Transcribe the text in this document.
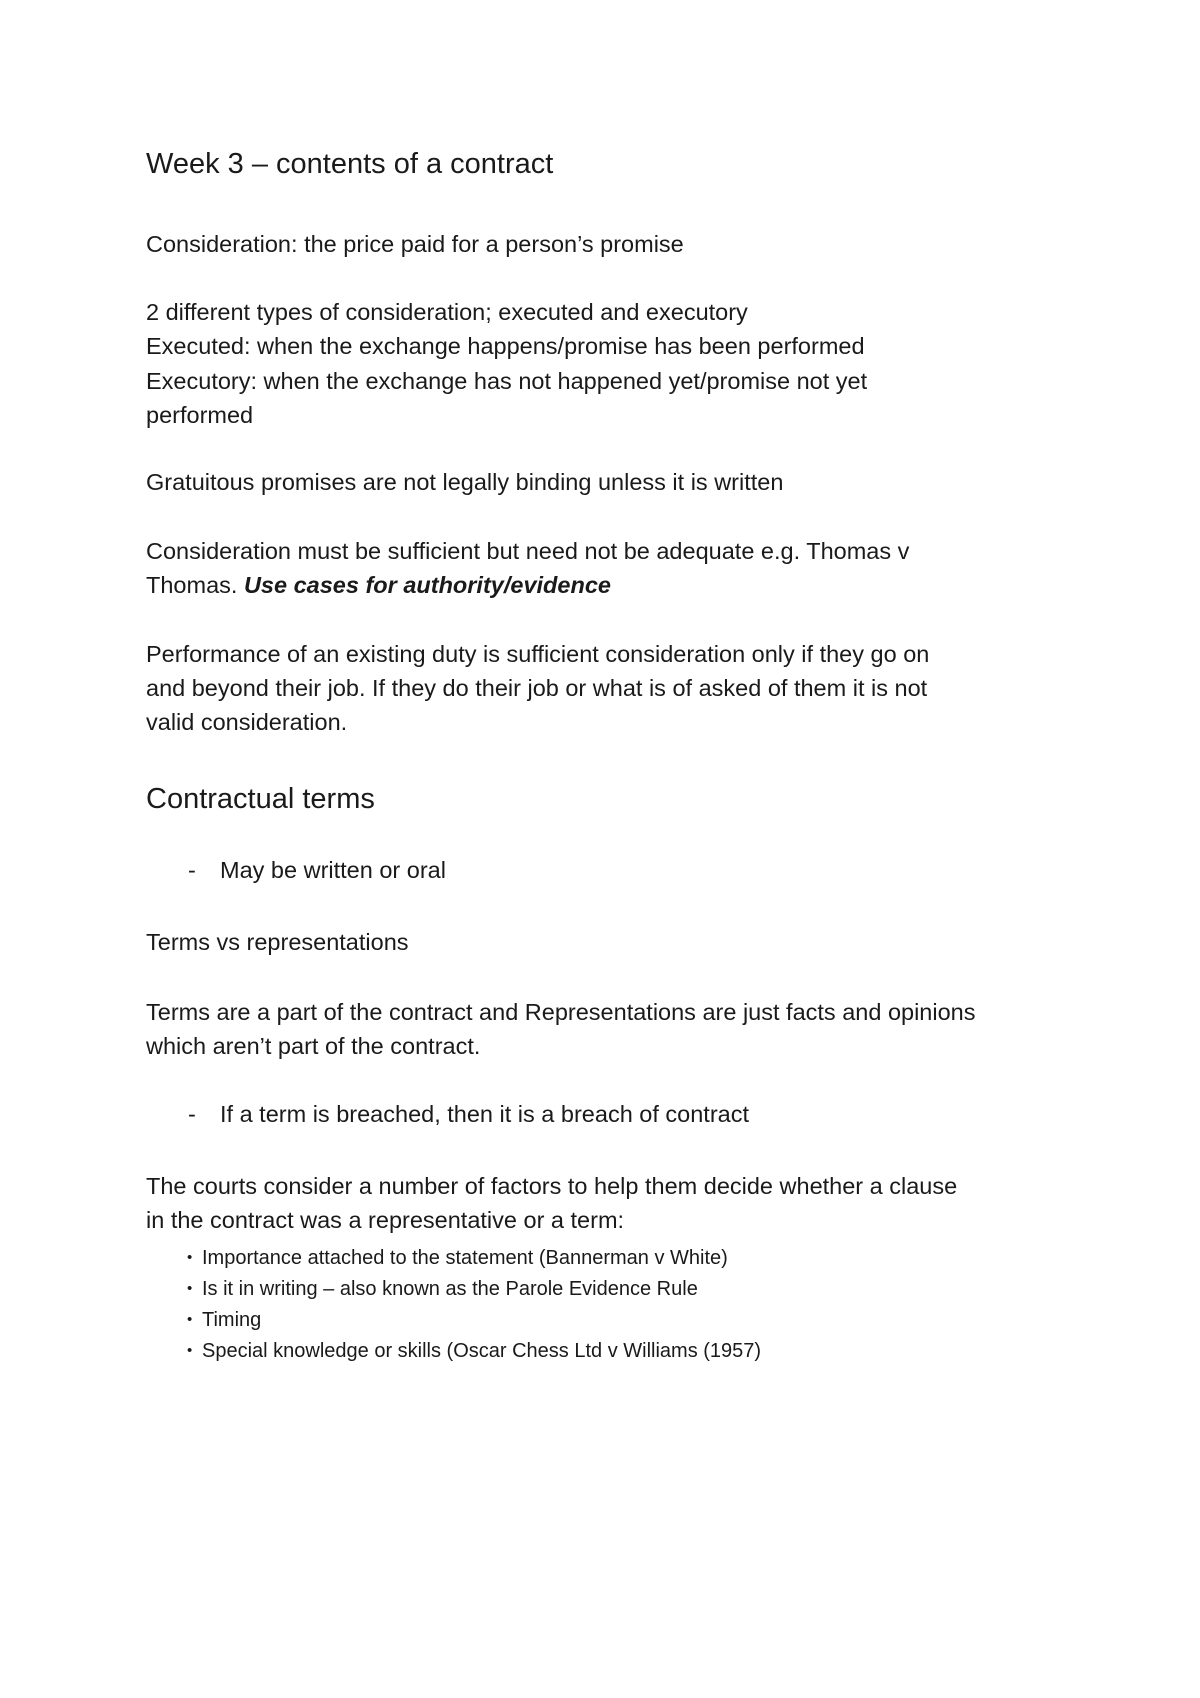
Week 3 – contents of a contract

Consideration: the price paid for a person’s promise

2 different types of consideration; executed and executory

Executed: when the exchange happens/promise has been performed

Executory: when the exchange has not happened yet/promise not yet

performed

Gratuitous promises are not legally binding unless it is written

Consideration must be sufficient but need not be adequate e.g. Thomas v

Thomas. Use cases for authority/evidence

Performance of an existing duty is sufficient consideration only if they go on

and beyond their job. If they do their job or what is of asked of them it is not

valid consideration.

Contractual terms
- May be written or oral

Terms vs representations

Terms are a part of the contract and Representations are just facts and opinions

which aren’t part of the contract.

- If a term is breached, then it is a breach of contract

The courts consider a number of factors to help them decide whether a clause

in the contract was a representative or a term:

• Importance attached to the statement (Bannerman v White)
• Is it in writing – also known as the Parole Evidence Rule
• Timing
• Special knowledge or skills (Oscar Chess Ltd v Williams (1957)
